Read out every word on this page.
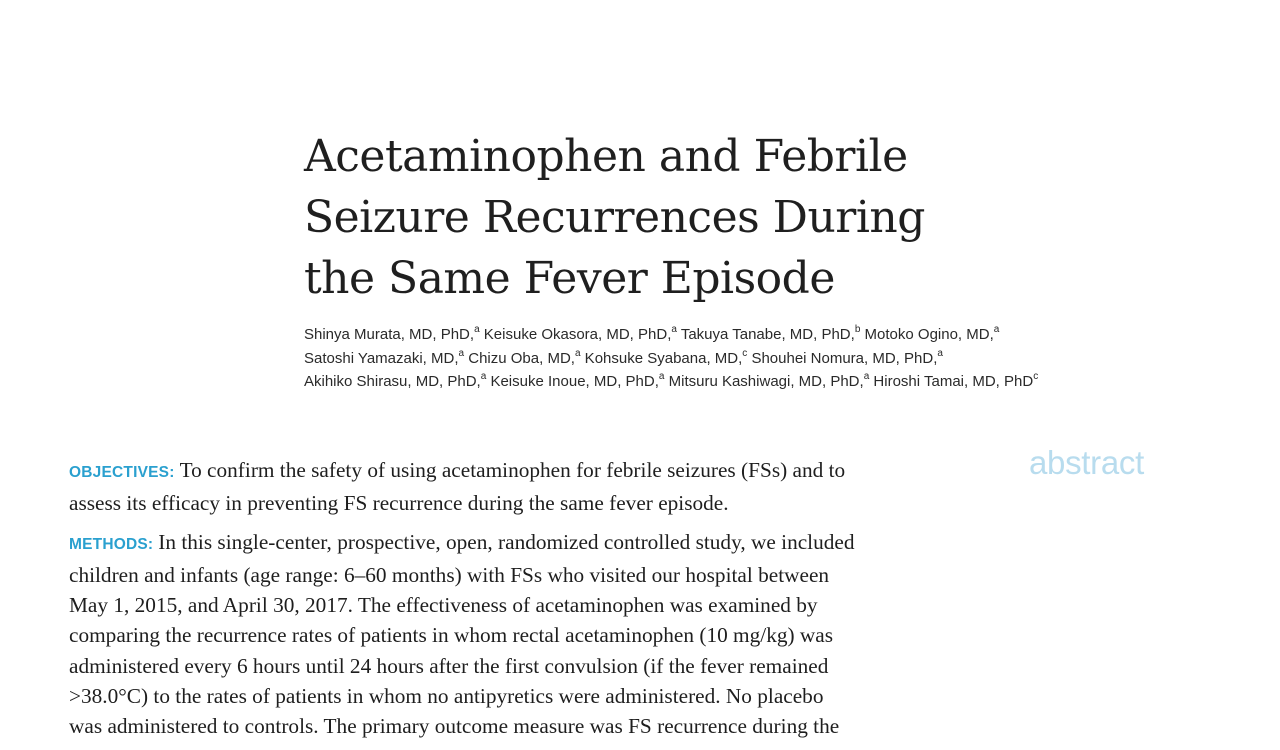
Acetaminophen and Febrile
Seizure Recurrences During
the Same Fever Episode
Shinya Murata, MD, PhD,$^a$ Keisuke Okasora, MD, PhD,$^a$ Takuya Tanabe, MD, PhD,$^b$ Motoko Ogino, MD,$^a$
Satoshi Yamazaki, MD,$^a$ Chizu Oba, MD,$^a$ Kohsuke Syabana, MD,$^c$ Shouhei Nomura, MD, PhD,$^a$
Akihiko Shirasu, MD, PhD,$^a$ Keisuke Inoue, MD, PhD,$^a$ Mitsuru Kashiwagi, MD, PhD,$^a$ Hiroshi Tamai, MD, PhD$^c$
abstract

OBJECTIVES: To confirm the safety of using acetaminophen for febrile seizures (FSs) and to
assess its efficacy in preventing FS recurrence during the same fever episode.

METHODS: In this single-center, prospective, open, randomized controlled study, we included
children and infants (age range: 6–60 months) with FSs who visited our hospital between
May 1, 2015, and April 30, 2017. The effectiveness of acetaminophen was examined by
comparing the recurrence rates of patients in whom rectal acetaminophen (10 mg/kg) was
administered every 6 hours until 24 hours after the first convulsion (if the fever remained
>38.0°C) to the rates of patients in whom no antipyretics were administered. No placebo
was administered to controls. The primary outcome measure was FS recurrence during the
